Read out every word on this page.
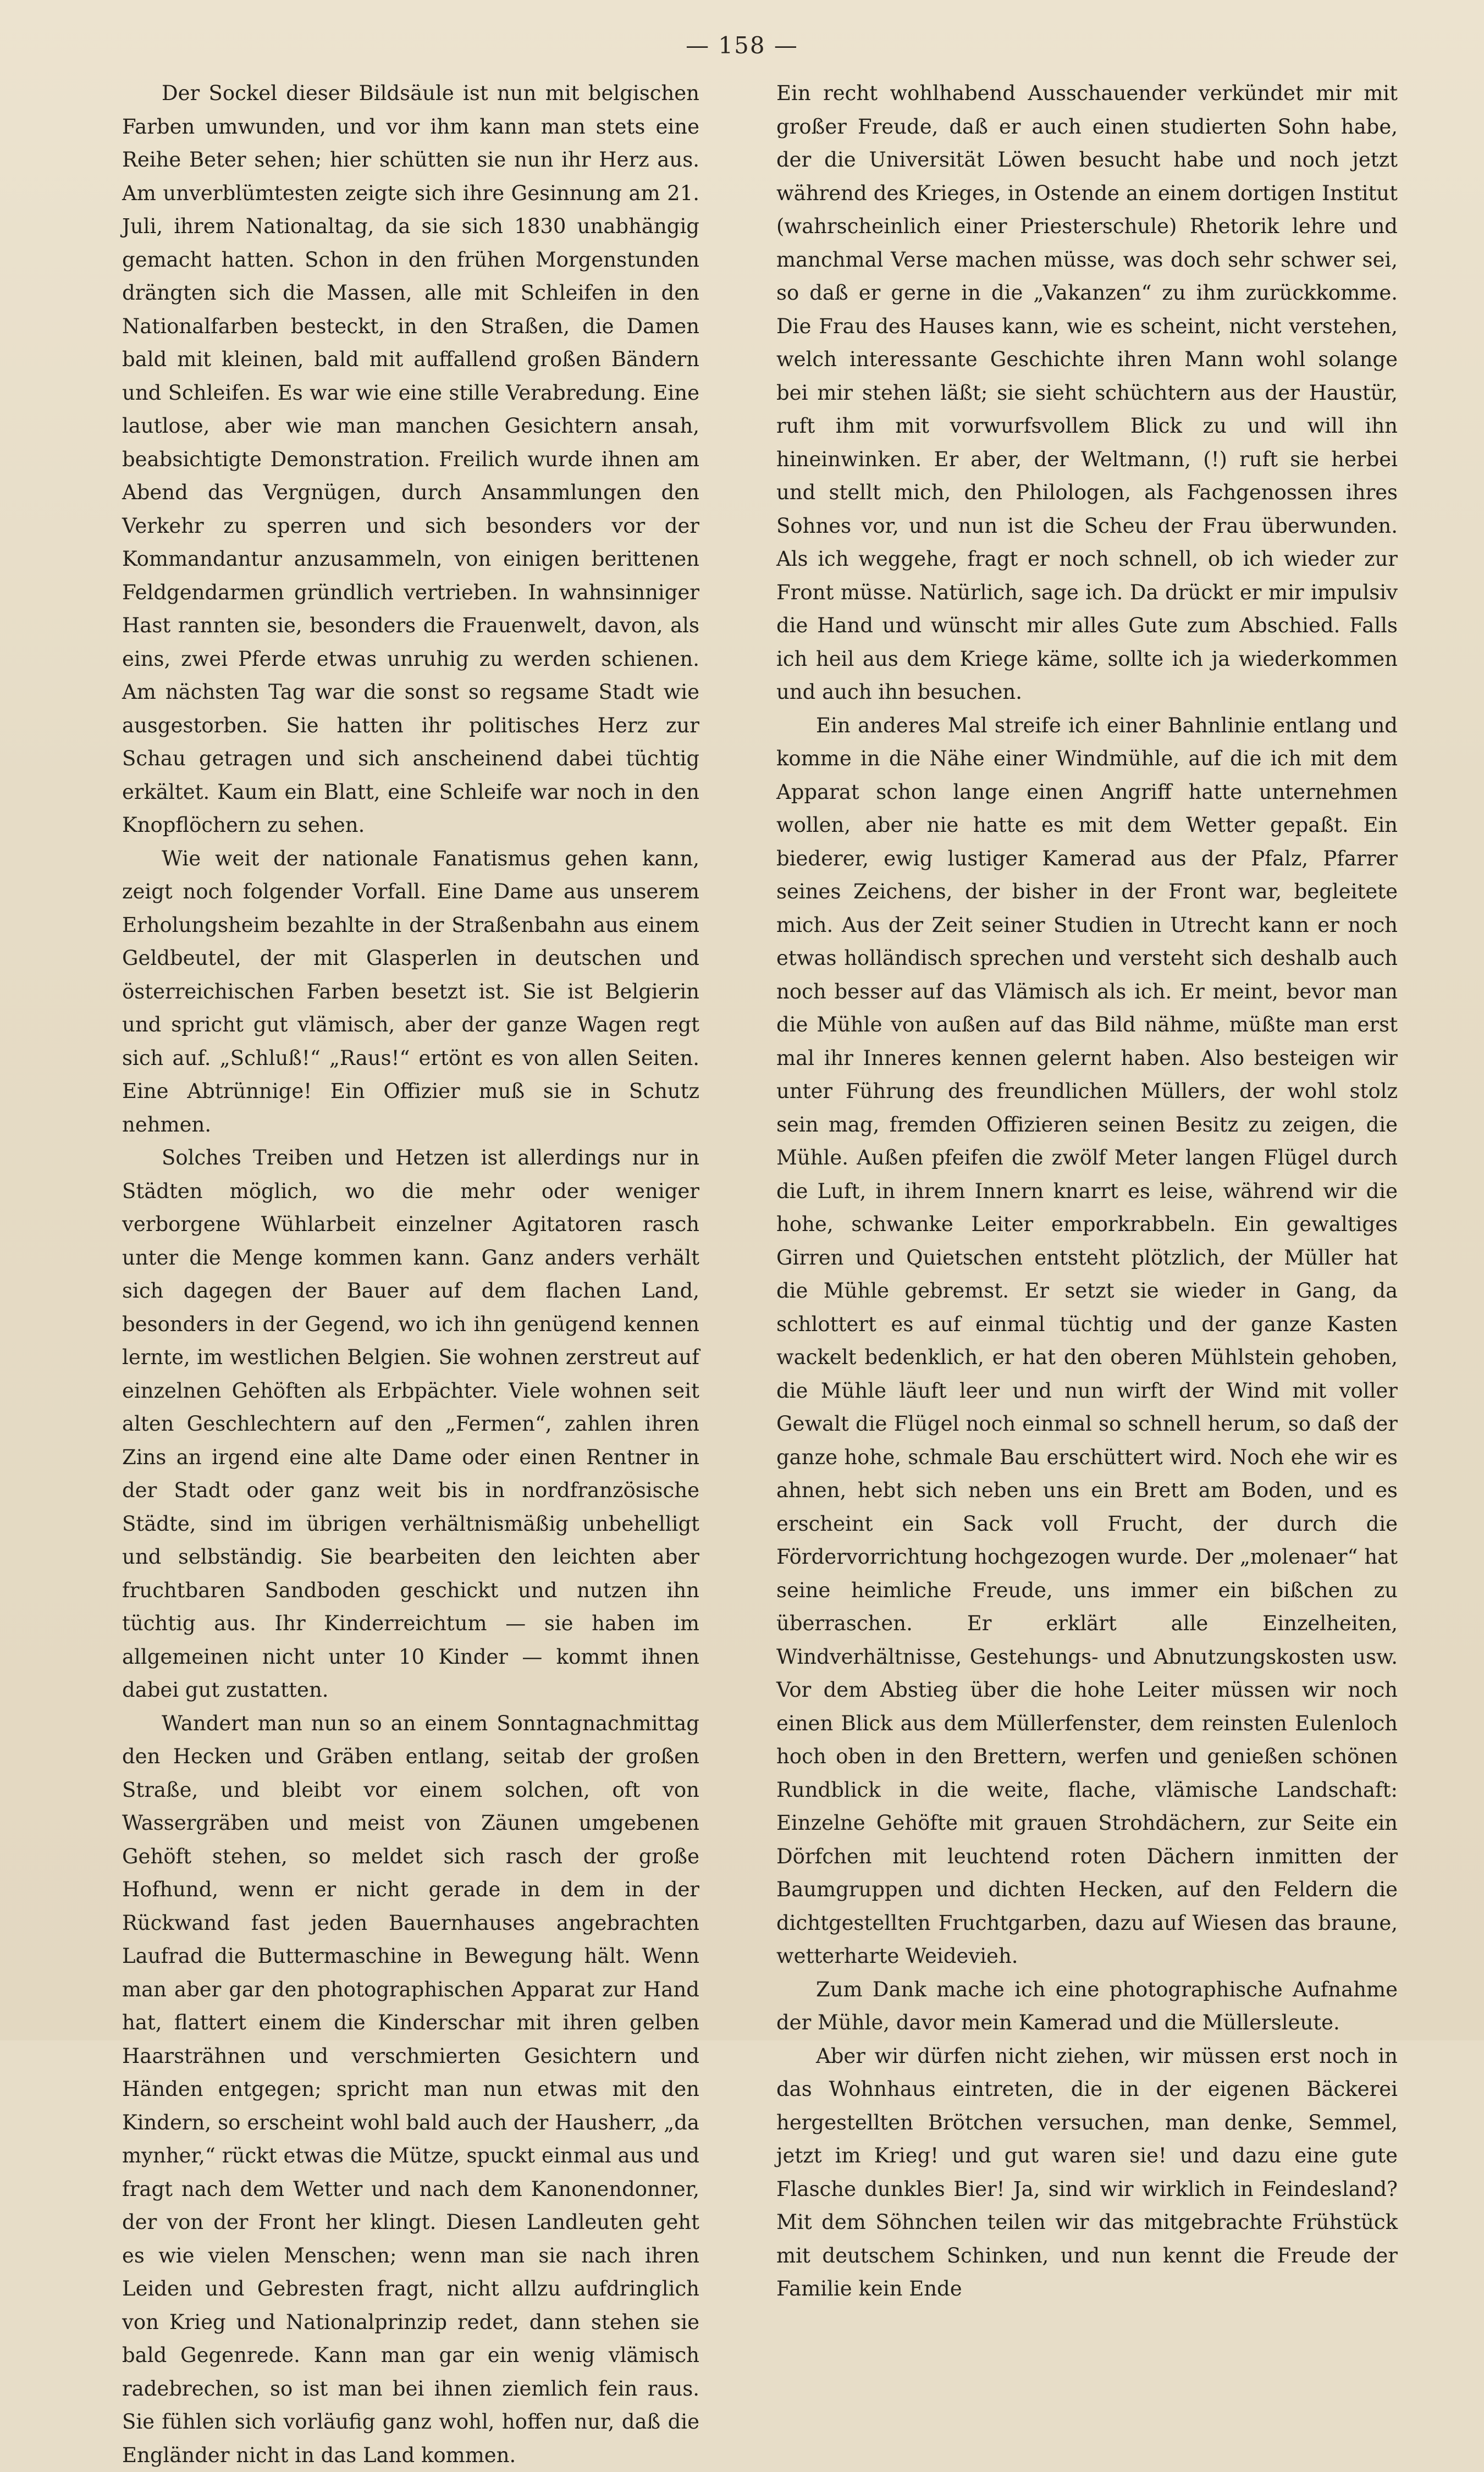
— 158 —

Der Sockel dieser Bildsäule ist nun mit belgischen Farben umwunden, und vor ihm kann man stets eine Reihe Beter sehen; hier schütten sie nun ihr Herz aus. Am unverblümtesten zeigte sich ihre Gesinnung am 21. Juli, ihrem Nationaltag, da sie sich 1830 unabhängig gemacht hatten. Schon in den frühen Morgenstunden drängten sich die Massen, alle mit Schleifen in den Nationalfarben besteckt, in den Straßen, die Damen bald mit kleinen, bald mit auffallend großen Bändern und Schleifen. Es war wie eine stille Verabredung. Eine lautlose, aber wie man manchen Gesichtern ansah, beabsichtigte Demonstration. Freilich wurde ihnen am Abend das Vergnügen, durch Ansammlungen den Verkehr zu sperren und sich besonders vor der Kommandantur anzusammeln, von einigen berittenen Feldgendarmen gründlich vertrieben. In wahnsinniger Hast rannten sie, besonders die Frauenwelt, davon, als eins, zwei Pferde etwas unruhig zu werden schienen. Am nächsten Tag war die sonst so regsame Stadt wie ausgestorben. Sie hatten ihr politisches Herz zur Schau getragen und sich anscheinend dabei tüchtig erkältet. Kaum ein Blatt, eine Schleife war noch in den Knopflöchern zu sehen.

Wie weit der nationale Fanatismus gehen kann, zeigt noch folgender Vorfall. Eine Dame aus unserem Erholungsheim bezahlte in der Straßenbahn aus einem Geldbeutel, der mit Glasperlen in deutschen und österreichischen Farben besetzt ist. Sie ist Belgierin und spricht gut vlämisch, aber der ganze Wagen regt sich auf. „Schluß!“ „Raus!“ ertönt es von allen Seiten. Eine Abtrünnige! Ein Offizier muß sie in Schutz nehmen.

Solches Treiben und Hetzen ist allerdings nur in Städten möglich, wo die mehr oder weniger verborgene Wühlarbeit einzelner Agitatoren rasch unter die Menge kommen kann. Ganz anders verhält sich dagegen der Bauer auf dem flachen Land, besonders in der Gegend, wo ich ihn genügend kennen lernte, im westlichen Belgien. Sie wohnen zerstreut auf einzelnen Gehöften als Erbpächter. Viele wohnen seit alten Geschlechtern auf den „Fermen“, zahlen ihren Zins an irgend eine alte Dame oder einen Rentner in der Stadt oder ganz weit bis in nordfranzösische Städte, sind im übrigen verhältnismäßig unbehelligt und selbständig. Sie bearbeiten den leichten aber fruchtbaren Sandboden geschickt und nutzen ihn tüchtig aus. Ihr Kinderreichtum — sie haben im allgemeinen nicht unter 10 Kinder — kommt ihnen dabei gut zustatten.

Wandert man nun so an einem Sonntagnachmittag den Hecken und Gräben entlang, seitab der großen Straße, und bleibt vor einem solchen, oft von Wassergräben und meist von Zäunen umgebenen Gehöft stehen, so meldet sich rasch der große Hofhund, wenn er nicht gerade in dem in der Rückwand fast jeden Bauernhauses angebrachten Laufrad die Buttermaschine in Bewegung hält. Wenn man aber gar den photographischen Apparat zur Hand hat, flattert einem die Kinderschar mit ihren gelben Haarsträhnen und verschmierten Gesichtern und Händen entgegen; spricht man nun etwas mit den Kindern, so erscheint wohl bald auch der Hausherr, „da mynher,“ rückt etwas die Mütze, spuckt einmal aus und fragt nach dem Wetter und nach dem Kanonendonner, der von der Front her klingt. Diesen Landleuten geht es wie vielen Menschen; wenn man sie nach ihren Leiden und Gebresten fragt, nicht allzu aufdringlich von Krieg und Nationalprinzip redet, dann stehen sie bald Gegenrede. Kann man gar ein wenig vlämisch radebrechen, so ist man bei ihnen ziemlich fein raus. Sie fühlen sich vorläufig ganz wohl, hoffen nur, daß die Engländer nicht in das Land kommen.

Ein recht wohlhabend Ausschauender verkündet mir mit großer Freude, daß er auch einen studierten Sohn habe, der die Universität Löwen besucht habe und noch jetzt während des Krieges, in Ostende an einem dortigen Institut (wahrscheinlich einer Priesterschule) Rhetorik lehre und manchmal Verse machen müsse, was doch sehr schwer sei, so daß er gerne in die „Vakanzen“ zu ihm zurückkomme. Die Frau des Hauses kann, wie es scheint, nicht verstehen, welch interessante Geschichte ihren Mann wohl solange bei mir stehen läßt; sie sieht schüchtern aus der Haustür, ruft ihm mit vorwurfsvollem Blick zu und will ihn hineinwinken. Er aber, der Weltmann, (!) ruft sie herbei und stellt mich, den Philologen, als Fachgenossen ihres Sohnes vor, und nun ist die Scheu der Frau überwunden. Als ich weggehe, fragt er noch schnell, ob ich wieder zur Front müsse. Natürlich, sage ich. Da drückt er mir impulsiv die Hand und wünscht mir alles Gute zum Abschied. Falls ich heil aus dem Kriege käme, sollte ich ja wiederkommen und auch ihn besuchen.

Ein anderes Mal streife ich einer Bahnlinie entlang und komme in die Nähe einer Windmühle, auf die ich mit dem Apparat schon lange einen Angriff hatte unternehmen wollen, aber nie hatte es mit dem Wetter gepaßt. Ein biederer, ewig lustiger Kamerad aus der Pfalz, Pfarrer seines Zeichens, der bisher in der Front war, begleitete mich. Aus der Zeit seiner Studien in Utrecht kann er noch etwas holländisch sprechen und versteht sich deshalb auch noch besser auf das Vlämisch als ich. Er meint, bevor man die Mühle von außen auf das Bild nähme, müßte man erst mal ihr Inneres kennen gelernt haben. Also besteigen wir unter Führung des freundlichen Müllers, der wohl stolz sein mag, fremden Offizieren seinen Besitz zu zeigen, die Mühle. Außen pfeifen die zwölf Meter langen Flügel durch die Luft, in ihrem Innern knarrt es leise, während wir die hohe, schwanke Leiter emporkrabbeln. Ein gewaltiges Girren und Quietschen entsteht plötzlich, der Müller hat die Mühle gebremst. Er setzt sie wieder in Gang, da schlottert es auf einmal tüchtig und der ganze Kasten wackelt bedenklich, er hat den oberen Mühlstein gehoben, die Mühle läuft leer und nun wirft der Wind mit voller Gewalt die Flügel noch einmal so schnell herum, so daß der ganze hohe, schmale Bau erschüttert wird. Noch ehe wir es ahnen, hebt sich neben uns ein Brett am Boden, und es erscheint ein Sack voll Frucht, der durch die Fördervorrichtung hochgezogen wurde. Der „molenaer“ hat seine heimliche Freude, uns immer ein bißchen zu überraschen. Er erklärt alle Einzelheiten, Windverhältnisse, Gestehungs- und Abnutzungskosten usw. Vor dem Abstieg über die hohe Leiter müssen wir noch einen Blick aus dem Müllerfenster, dem reinsten Eulenloch hoch oben in den Brettern, werfen und genießen schönen Rundblick in die weite, flache, vlämische Landschaft: Einzelne Gehöfte mit grauen Strohdächern, zur Seite ein Dörfchen mit leuchtend roten Dächern inmitten der Baumgruppen und dichten Hecken, auf den Feldern die dichtgestellten Fruchtgarben, dazu auf Wiesen das braune, wetterharte Weidevieh.

Zum Dank mache ich eine photographische Aufnahme der Mühle, davor mein Kamerad und die Müllersleute.

Aber wir dürfen nicht ziehen, wir müssen erst noch in das Wohnhaus eintreten, die in der eigenen Bäckerei hergestellten Brötchen versuchen, man denke, Semmel, jetzt im Krieg! und gut waren sie! und dazu eine gute Flasche dunkles Bier! Ja, sind wir wirklich in Feindesland? Mit dem Söhnchen teilen wir das mitgebrachte Frühstück mit deutschem Schinken, und nun kennt die Freude der Familie kein Ende
